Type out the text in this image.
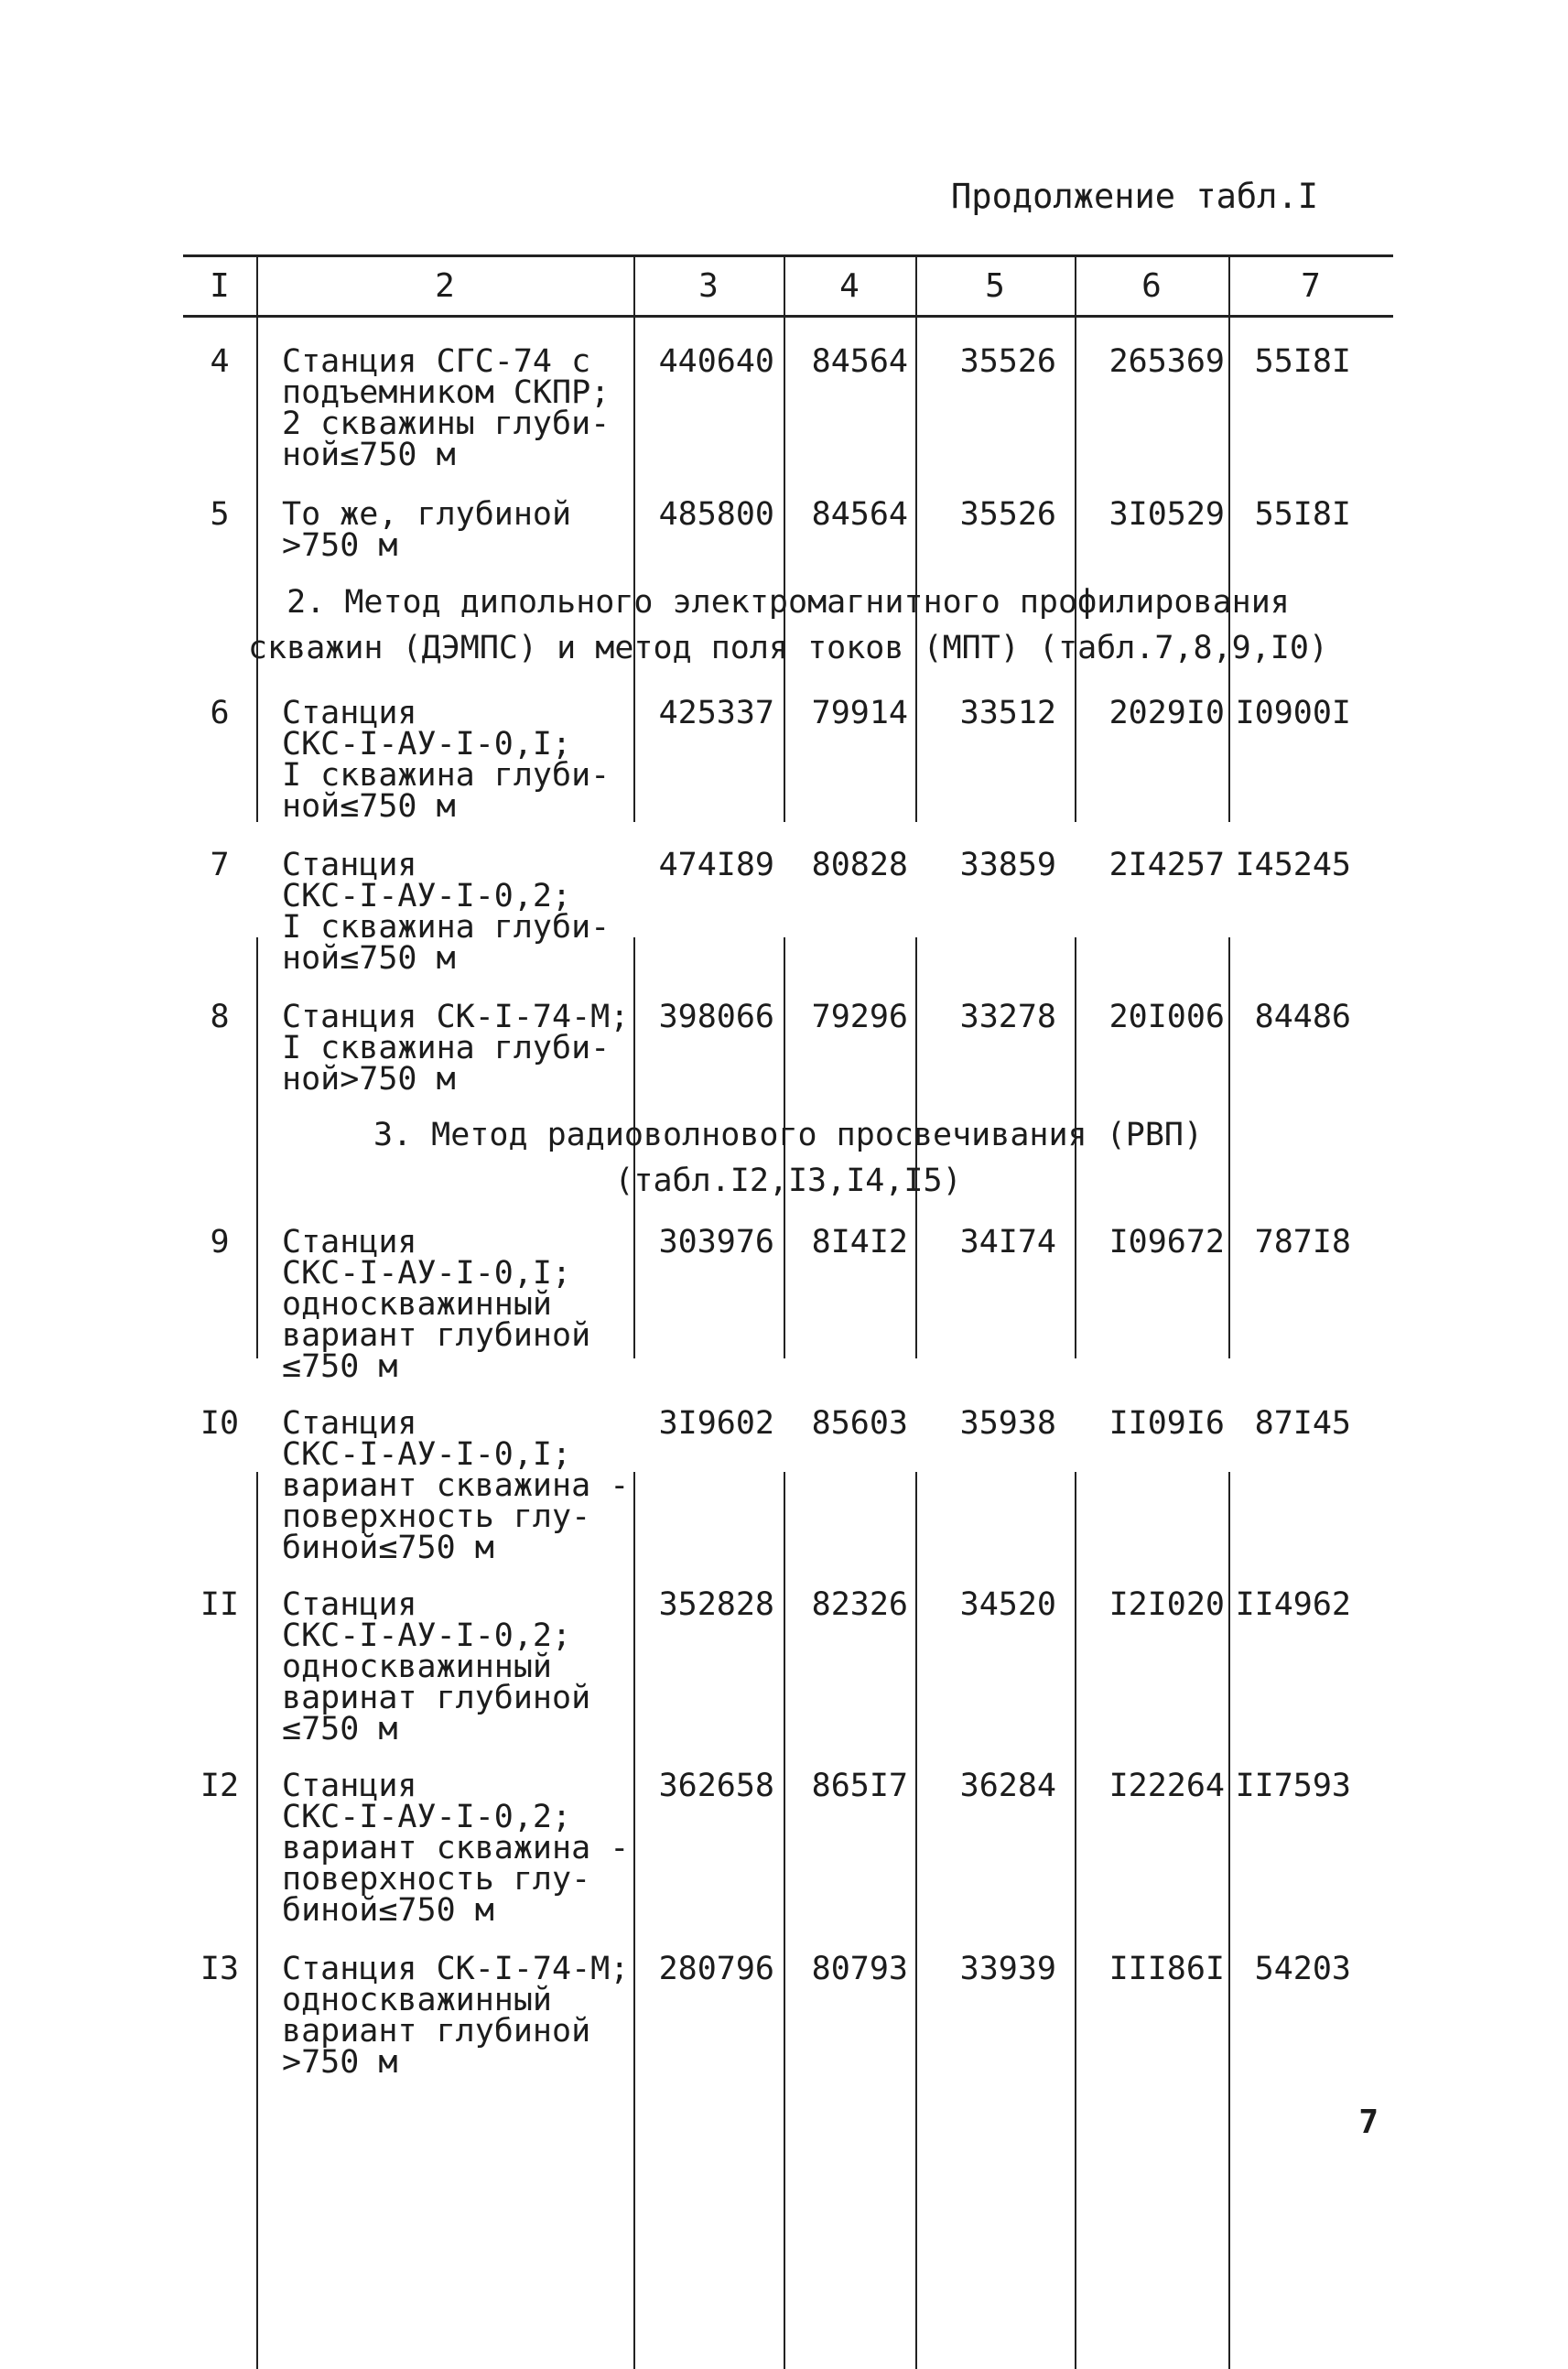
Продолжение табл.I
I	2	3	4	5	6	7
4	Станция СГС-74 с
подъемником СКПР;
2 скважины глуби-
ной≤750 м
440640	84564	35526	265369 55I8I
5	То же, глубиной
>750 м
485800	84564	35526	3I0529 55I8I
2. Метод дипольного электромагнитного профилирования
скважин (ДЭМПС) и метод поля токов (МПТ) (табл.7,8,9,I0)
6	Станция
СКС-I-АУ-I-0,I;
I скважина глуби-
ной≤750 м
425337	79914	33512	2029I0 I0900I
7	Станция
СКС-I-АУ-I-0,2;
I скважина глуби-
ной≤750 м
474I89	80828	33859	2I4257 I45245
8	Станция СК-I-74-М;
I скважина глуби-
ной>750 м
398066	79296	33278	20I006 84486
3. Метод радиоволнового просвечивания (РВП)
(табл.I2,I3,I4,I5)
9	Станция
СКС-I-АУ-I-0,I;
односкважинный
вариант глубиной
≤750 м
303976	8I4I2	34I74	I09672 787I8
I0	Станция
СКС-I-АУ-I-0,I;
вариант скважина -
поверхность глу-
биной≤750 м
3I9602	85603	35938	II09I6 87I45
II	Станция
СКС-I-АУ-I-0,2;
односкважинный
варинат глубиной
≤750 м
352828	82326	34520	I2I020 II4962
I2	Станция
СКС-I-АУ-I-0,2;
вариант скважина -
поверхность глу-
биной≤750 м
362658	865I7	36284	I22264 II7593
I3	Станция СК-I-74-М;
односкважинный
вариант глубиной
>750 м
280796	80793	33939	III86I 54203
7
